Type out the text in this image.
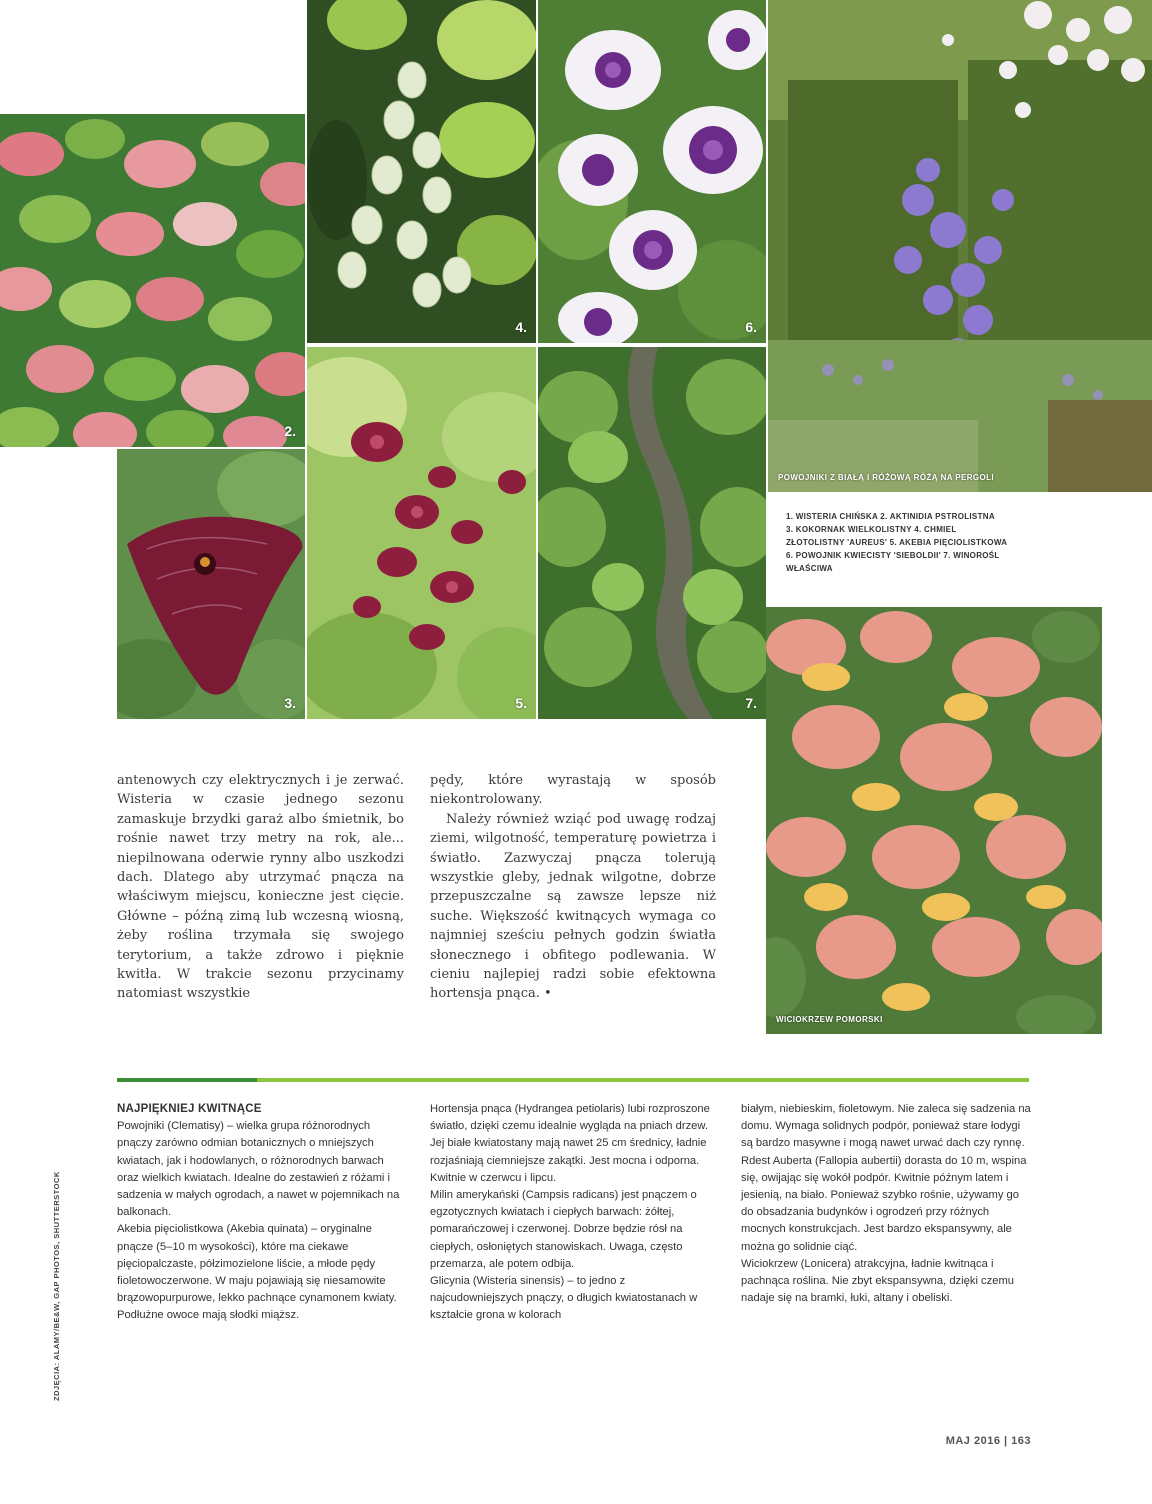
2.
3.
4.
5.
6.
7.
POWOJNIKI Z BIAŁĄ I RÓŻOWĄ RÓŻĄ NA PERGOLI
WICIOKRZEW POMORSKI
1. WISTERIA CHIŃSKA 2. AKTINIDIA PSTROLISTNA
3. KOKORNAK WIELKOLISTNY 4. CHMIEL
ZŁOTOLISTNY 'AUREUS' 5. AKEBIA PIĘCIOLISTKOWA
6. POWOJNIK KWIECISTY 'SIEBOLDII' 7. WINOROŚL
WŁAŚCIWA

antenowych czy elektrycznych i je zerwać. Wisteria w czasie jednego sezonu zamaskuje brzydki garaż albo śmietnik, bo rośnie nawet trzy metry na rok, ale... niepilnowana oderwie rynny albo uszkodzi dach. Dlatego aby utrzymać pnącza na właściwym miejscu, konieczne jest cięcie. Główne – późną zimą lub wczesną wiosną, żeby roślina trzymała się swojego terytorium, a także zdrowo i pięknie kwitła. W trakcie sezonu przycinamy natomiast wszystkie

pędy, które wyrastają w sposób niekontrolowany.

Należy również wziąć pod uwagę rodzaj ziemi, wilgotność, temperaturę powietrza i światło. Zazwyczaj pnącza tolerują wszystkie gleby, jednak wilgotne, dobrze przepuszczalne są zawsze lepsze niż suche. Większość kwitnących wymaga co najmniej sześciu pełnych godzin światła słonecznego i obfitego podlewania. W cieniu najlepiej radzi sobie efektowna hortensja pnąca. •

NAJPIĘKNIEJ KWITNĄCE

Powojniki (Clematisy) – wielka grupa różnorodnych pnączy zarówno odmian botanicznych o mniejszych kwiatach, jak i hodowlanych, o różnorodnych barwach oraz wielkich kwiatach. Idealne do zestawień z różami i sadzenia w małych ogrodach, a nawet w pojemnikach na balkonach.

Akebia pięciolistkowa (Akebia quinata) – oryginalne pnącze (5–10 m wysokości), które ma ciekawe pięciopalczaste, półzimozielone liście, a młode pędy fioletowoczerwone. W maju pojawiają się niesamowite brązowopurpurowe, lekko pachnące cynamonem kwiaty. Podłużne owoce mają słodki miąższ.

Hortensja pnąca (Hydrangea petiolaris) lubi rozproszone światło, dzięki czemu idealnie wygląda na pniach drzew. Jej białe kwiatostany mają nawet 25 cm średnicy, ładnie rozjaśniają ciemniejsze zakątki. Jest mocna i odporna. Kwitnie w czerwcu i lipcu.

Milin amerykański (Campsis radicans) jest pnączem o egzotycznych kwiatach i ciepłych barwach: żółtej, pomarańczowej i czerwonej. Dobrze będzie rósł na ciepłych, osłoniętych stanowiskach. Uwaga, często przemarza, ale potem odbija.

Glicynia (Wisteria sinensis) – to jedno z najcudowniejszych pnączy, o długich kwiatostanach w kształcie grona w kolorach

białym, niebieskim, fioletowym. Nie zaleca się sadzenia na domu. Wymaga solidnych podpór, ponieważ stare łodygi są bardzo masywne i mogą nawet urwać dach czy rynnę.

Rdest Auberta (Fallopia aubertii) dorasta do 10 m, wspina się, owijając się wokół podpór. Kwitnie późnym latem i jesienią, na biało. Ponieważ szybko rośnie, używamy go do obsadzania budynków i ogrodzeń przy różnych mocnych konstrukcjach. Jest bardzo ekspansywny, ale można go solidnie ciąć.

Wiciokrzew (Lonicera) atrakcyjna, ładnie kwitnąca i pachnąca roślina. Nie zbyt ekspansywna, dzięki czemu nadaje się na bramki, łuki, altany i obeliski.

ZDJĘCIA: ALAMY/BE&W, GAP PHOTOS, SHUTTERSTOCK
MAJ 2016 | 163
